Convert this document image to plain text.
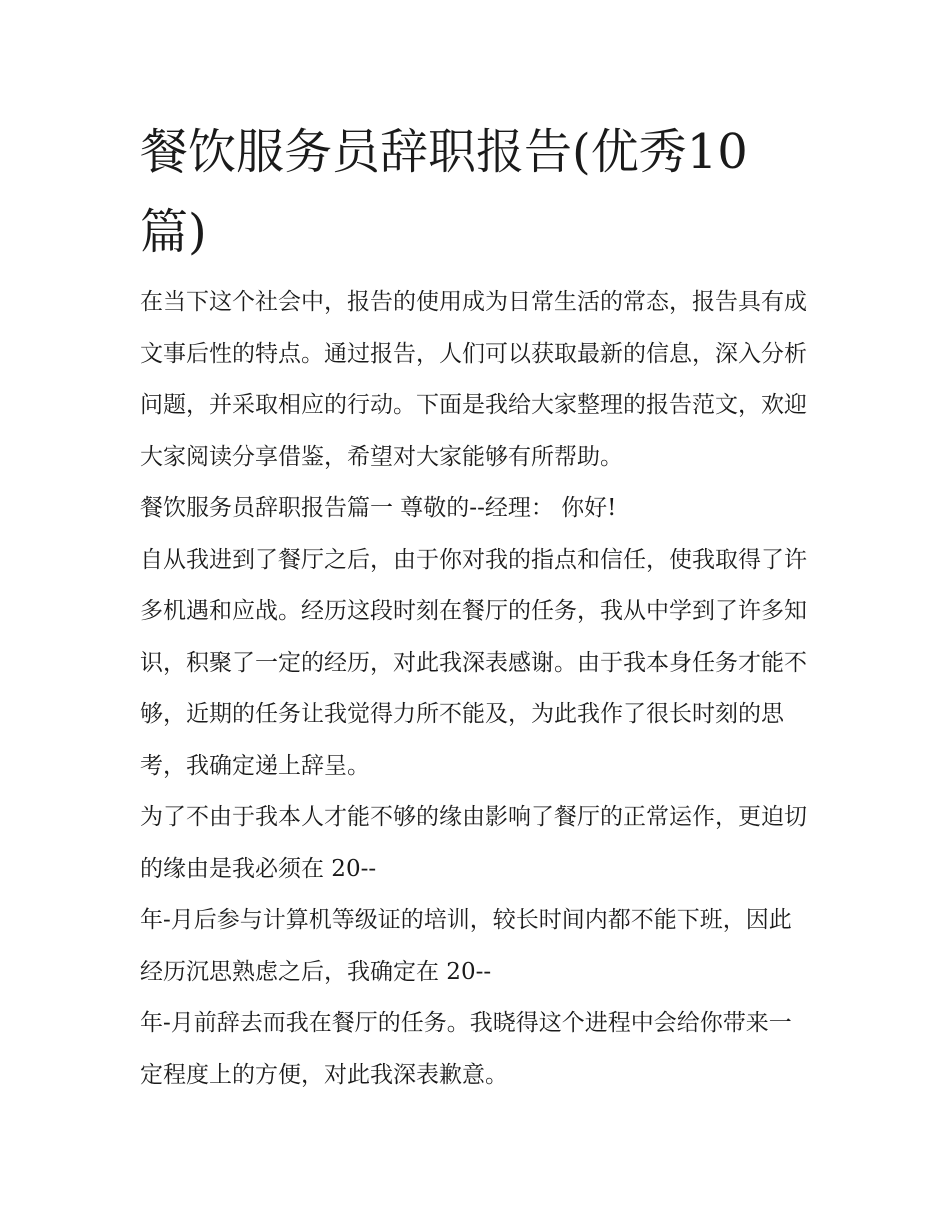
餐饮服务员辞职报告(优秀10篇)

在当下这个社会中，报告的使用成为日常生活的常态，报告具有成文事后性的特点。通过报告，人们可以获取最新的信息，深入分析问题，并采取相应的行动。下面是我给大家整理的报告范文，欢迎大家阅读分享借鉴，希望对大家能够有所帮助。

餐饮服务员辞职报告篇一 尊敬的--经理： 你好!

自从我进到了餐厅之后，由于你对我的指点和信任，使我取得了许多机遇和应战。经历这段时刻在餐厅的任务，我从中学到了许多知识，积聚了一定的经历，对此我深表感谢。由于我本身任务才能不够，近期的任务让我觉得力所不能及，为此我作了很长时刻的思考，我确定递上辞呈。

为了不由于我本人才能不够的缘由影响了餐厅的正常运作，更迫切的缘由是我必须在 20--

年-月后参与计算机等级证的培训，较长时间内都不能下班，因此经历沉思熟虑之后，我确定在 20--

年-月前辞去而我在餐厅的任务。我晓得这个进程中会给你带来一定程度上的方便，对此我深表歉意。
